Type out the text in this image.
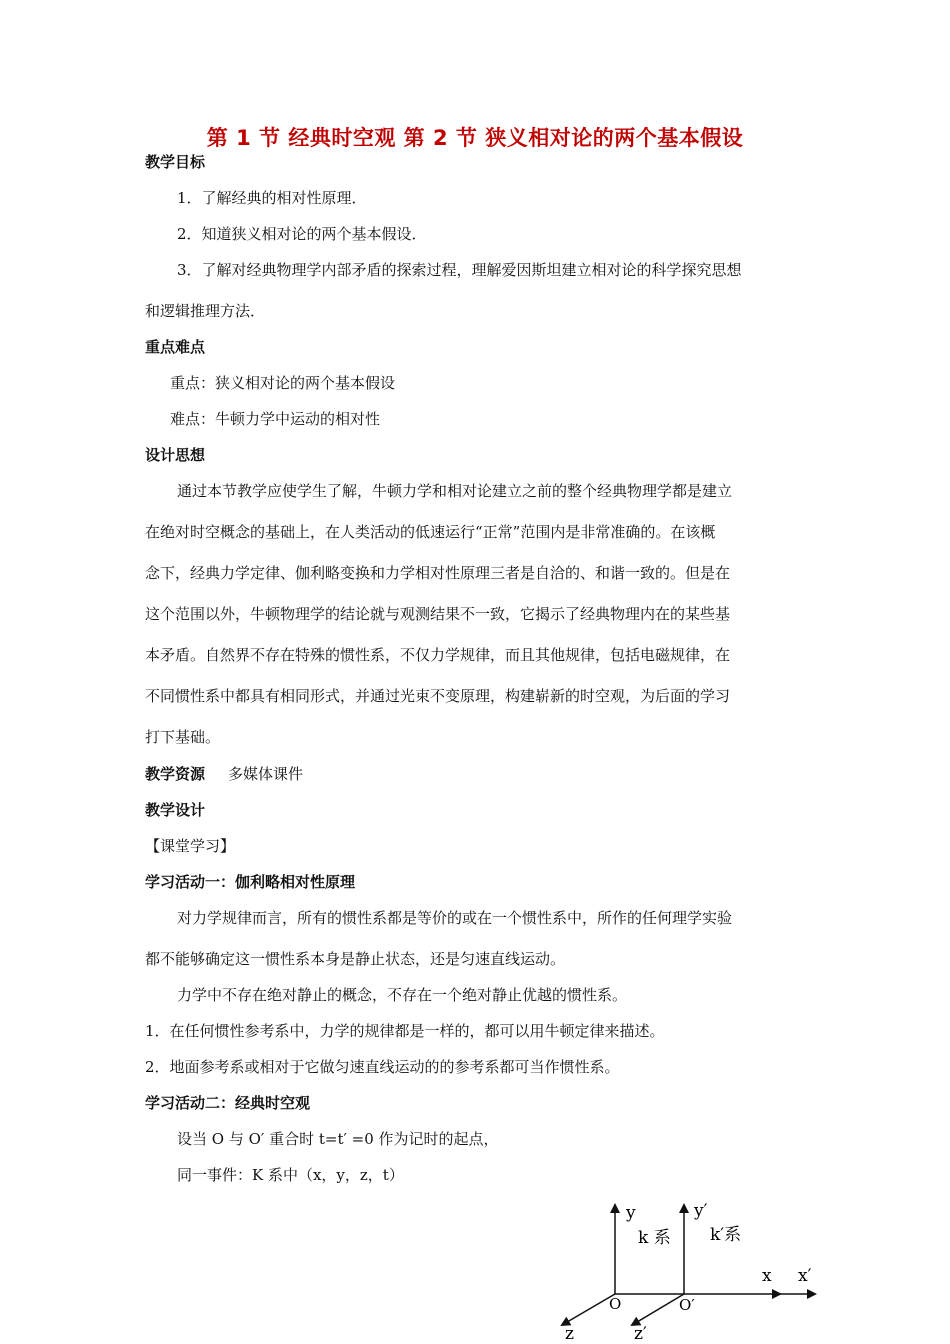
第 1 节 经典时空观 第 2 节 狭义相对论的两个基本假设
教学目标
1．了解经典的相对性原理．
2．知道狭义相对论的两个基本假设．
3．了解对经典物理学内部矛盾的探索过程，理解爱因斯坦建立相对论的科学探究思想
和逻辑推理方法．
重点难点
重点：狭义相对论的两个基本假设
难点：牛顿力学中运动的相对性
设计思想
通过本节教学应使学生了解，牛顿力学和相对论建立之前的整个经典物理学都是建立
在绝对时空概念的基础上，在人类活动的低速运行“正常”范围内是非常准确的。在该概
念下，经典力学定律、伽利略变换和力学相对性原理三者是自洽的、和谐一致的。但是在
这个范围以外，牛顿物理学的结论就与观测结果不一致，它揭示了经典物理内在的某些基
本矛盾。自然界不存在特殊的惯性系，不仅力学规律，而且其他规律，包括电磁规律，在
不同惯性系中都具有相同形式，并通过光束不变原理，构建崭新的时空观，为后面的学习
打下基础。
教学资源 多媒体课件
教学设计
【课堂学习】
学习活动一：伽利略相对性原理
对力学规律而言，所有的惯性系都是等价的或在一个惯性系中，所作的任何理学实验
都不能够确定这一惯性系本身是静止状态，还是匀速直线运动。
力学中不存在绝对静止的概念，不存在一个绝对静止优越的惯性系。
1．在任何惯性参考系中，力学的规律都是一样的，都可以用牛顿定律来描述。
2．地面参考系或相对于它做匀速直线运动的的参考系都可当作惯性系。
学习活动二：经典时空观
设当 O 与 O′ 重合时 t=t′ =0 作为记时的起点，
同一事件：K 系中（x，y，z，t）
y	y′
k 系 k′系
x x′
O	O′
z	z′
